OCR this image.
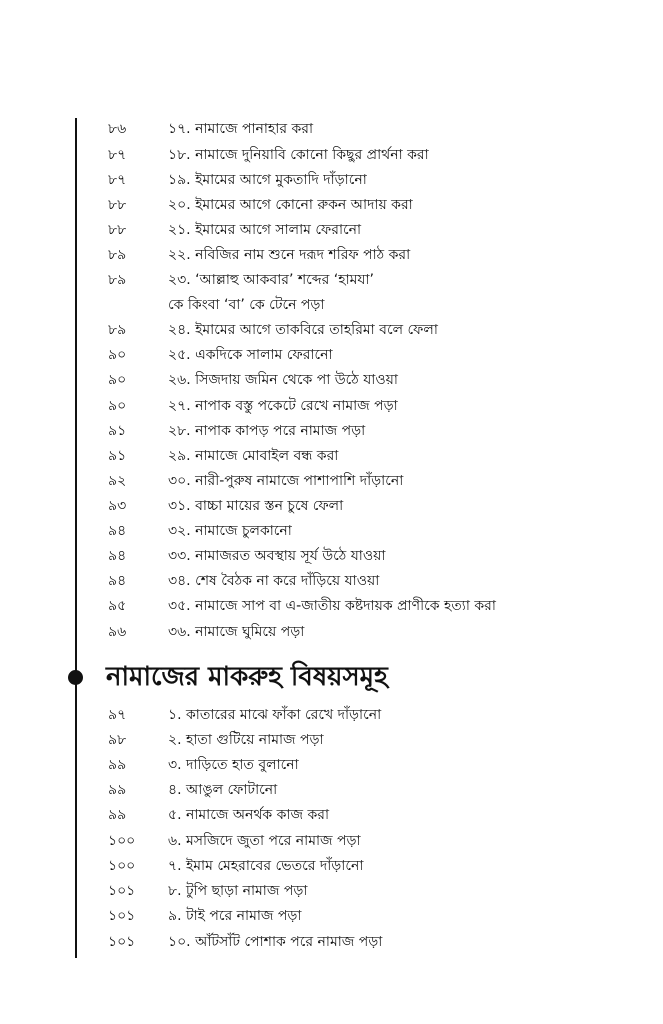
৮৬	১৭. নামাজে পানাহার করা
৮৭	১৮. নামাজে দুনিয়াবি কোনো কিছুর প্রার্থনা করা
৮৭	১৯. ইমামের আগে মুকতাদি দাঁড়ানো
৮৮	২০. ইমামের আগে কোনো রুকন আদায় করা
৮৮	২১. ইমামের আগে সালাম ফেরানো
৮৯	২২. নবিজির নাম শুনে দরূদ শরিফ পাঠ করা
৮৯	২৩. ‘আল্লাহু আকবার’ শব্দের ‘হামযা’
কে কিংবা ‘বা’ কে টেনে পড়া
৮৯	২৪. ইমামের আগে তাকবিরে তাহরিমা বলে ফেলা
৯০	২৫. একদিকে সালাম ফেরানো
৯০	২৬. সিজদায় জমিন থেকে পা উঠে যাওয়া
৯০	২৭. নাপাক বস্তু পকেটে রেখে নামাজ পড়া
৯১	২৮. নাপাক কাপড় পরে নামাজ পড়া
৯১	২৯. নামাজে মোবাইল বন্ধ করা
৯২	৩০. নারী-পুরুষ নামাজে পাশাপাশি দাঁড়ানো
৯৩	৩১. বাচ্চা মায়ের স্তন চুষে ফেলা
৯৪	৩২. নামাজে চুলকানো
৯৪	৩৩. নামাজরত অবস্থায় সূর্য উঠে যাওয়া
৯৪	৩৪. শেষ বৈঠক না করে দাঁড়িয়ে যাওয়া
৯৫	৩৫. নামাজে সাপ বা এ-জাতীয় কষ্টদায়ক প্রাণীকে হত্যা করা
৯৬	৩৬. নামাজে ঘুমিয়ে পড়া
নামাজের মাকরুহ বিষয়সমূহ
৯৭	১. কাতারের মাঝে ফাঁকা রেখে দাঁড়ানো
৯৮	২. হাতা গুটিয়ে নামাজ পড়া
৯৯	৩. দাড়িতে হাত বুলানো
৯৯	৪. আঙুল ফোটানো
৯৯	৫. নামাজে অনর্থক কাজ করা
১০০ ৬. মসজিদে জুতা পরে নামাজ পড়া
১০০ ৭. ইমাম মেহরাবের ভেতরে দাঁড়ানো
১০১ ৮. টুপি ছাড়া নামাজ পড়া
১০১ ৯. টাই পরে নামাজ পড়া
১০১ ১০. আঁটসাঁট পোশাক পরে নামাজ পড়া
